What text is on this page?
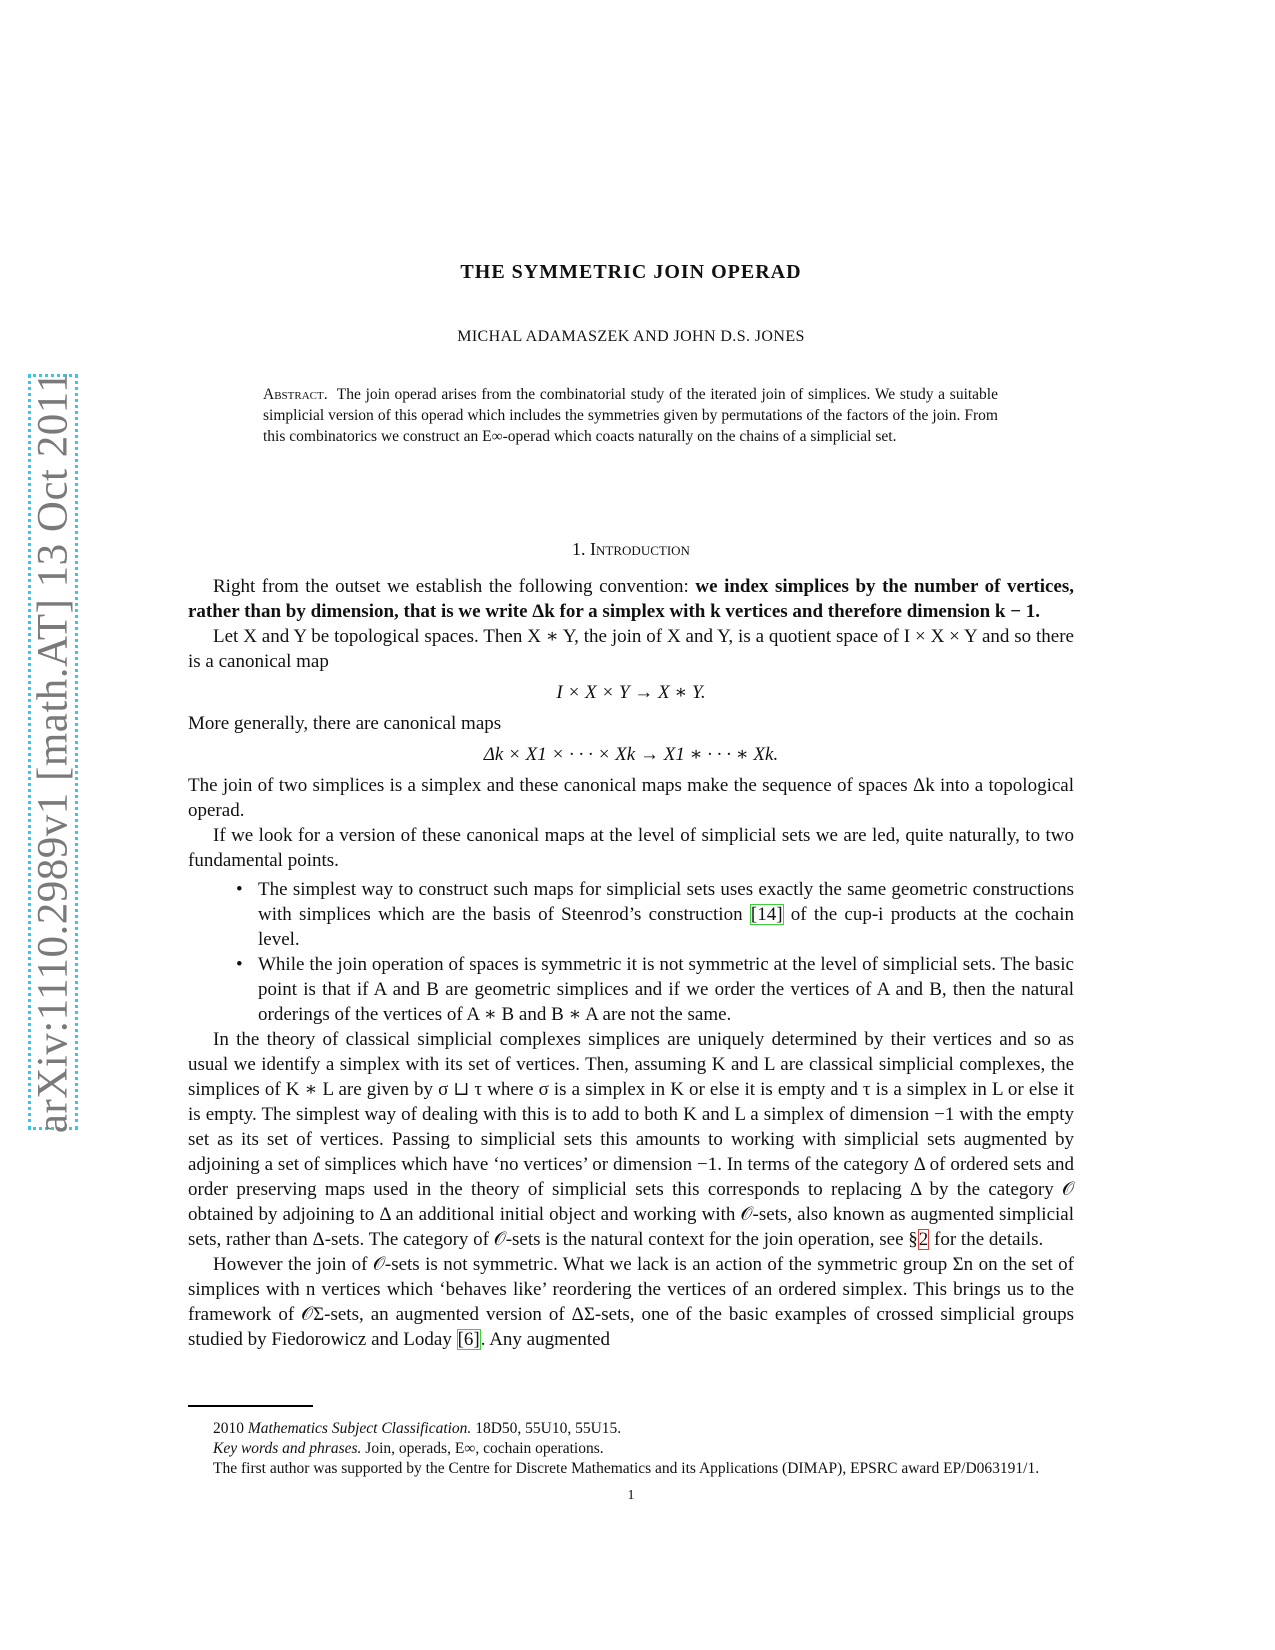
arXiv:1110.2989v1 [math.AT] 13 Oct 2011
THE SYMMETRIC JOIN OPERAD
MICHAL ADAMASZEK AND JOHN D.S. JONES
Abstract. The join operad arises from the combinatorial study of the iterated join of simplices. We study a suitable simplicial version of this operad which includes the symmetries given by permutations of the factors of the join. From this combinatorics we construct an E∞-operad which coacts naturally on the chains of a simplicial set.
1. Introduction

Right from the outset we establish the following convention: we index simplices by the number of vertices, rather than by dimension, that is we write Δk for a simplex with k vertices and therefore dimension k − 1.

Let X and Y be topological spaces. Then X ∗ Y, the join of X and Y, is a quotient space of I × X × Y and so there is a canonical map

I × X × Y → X ∗ Y.

More generally, there are canonical maps

Δk × X1 × · · · × Xk → X1 ∗ · · · ∗ Xk.

The join of two simplices is a simplex and these canonical maps make the sequence of spaces Δk into a topological operad.

If we look for a version of these canonical maps at the level of simplicial sets we are led, quite naturally, to two fundamental points.

• The simplest way to construct such maps for simplicial sets uses exactly the same geometric constructions with simplices which are the basis of Steenrod’s construction [14] of the cup-i products at the cochain level.
• While the join operation of spaces is symmetric it is not symmetric at the level of simplicial sets. The basic point is that if A and B are geometric simplices and if we order the vertices of A and B, then the natural orderings of the vertices of A ∗ B and B ∗ A are not the same.

In the theory of classical simplicial complexes simplices are uniquely determined by their vertices and so as usual we identify a simplex with its set of vertices. Then, assuming K and L are classical simplicial complexes, the simplices of K ∗ L are given by σ ⊔ τ where σ is a simplex in K or else it is empty and τ is a simplex in L or else it is empty. The simplest way of dealing with this is to add to both K and L a simplex of dimension −1 with the empty set as its set of vertices. Passing to simplicial sets this amounts to working with simplicial sets augmented by adjoining a set of simplices which have ‘no vertices’ or dimension −1. In terms of the category Δ of ordered sets and order preserving maps used in the theory of simplicial sets this corresponds to replacing Δ by the category 𝒪 obtained by adjoining to Δ an additional initial object and working with 𝒪-sets, also known as augmented simplicial sets, rather than Δ-sets. The category of 𝒪-sets is the natural context for the join operation, see §2 for the details.

However the join of 𝒪-sets is not symmetric. What we lack is an action of the symmetric group Σn on the set of simplices with n vertices which ‘behaves like’ reordering the vertices of an ordered simplex. This brings us to the framework of 𝒪Σ-sets, an augmented version of ΔΣ-sets, one of the basic examples of crossed simplicial groups studied by Fiedorowicz and Loday [6]. Any augmented

2010 Mathematics Subject Classification. 18D50, 55U10, 55U15.

Key words and phrases. Join, operads, E∞, cochain operations.

The first author was supported by the Centre for Discrete Mathematics and its Applications (DIMAP), EPSRC award EP/D063191/1.

1
